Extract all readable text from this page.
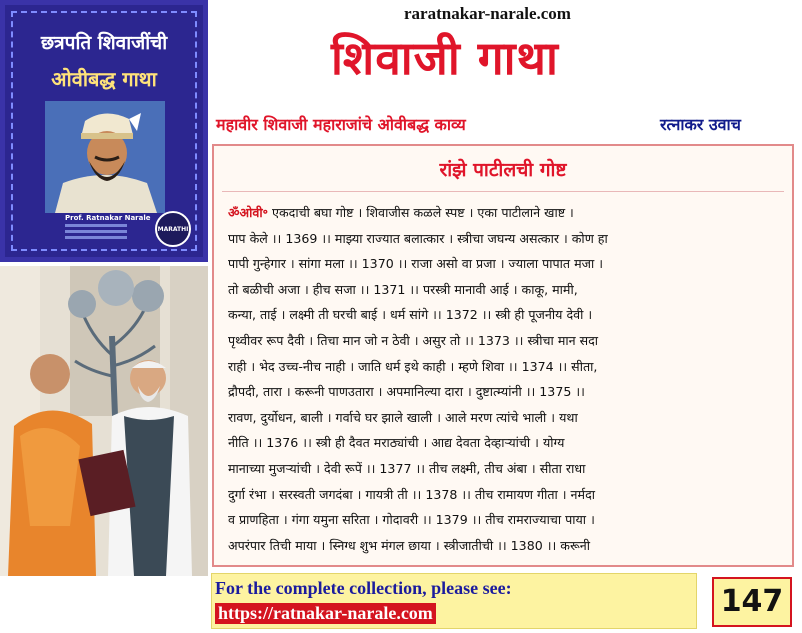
छत्रपति शिवाजींची
ओवीबद्ध गाथा
Prof. Ratnakar Narale
MARATHI
raratnakar-narale.com
शिवाजी गाथा
महावीर शिवाजी महाराजांचे ओवीबद्ध काव्य	रत्नाकर उवाच
रांझे पाटीलची गोष्ट
ॐओवी॰ एकदाची बघा गोष्ट । शिवाजीस कळले स्पष्ट । एका पाटीलाने खाष्ट ।
पाप केले ।। 1369 ।। माझ्या राज्यात बलात्कार । स्त्रीचा जघन्य असत्कार । कोण हा
पापी गुन्हेगार । सांगा मला ।। 1370 ।। राजा असो वा प्रजा । ज्याला पापात मजा ।
तो बळीची अजा । हीच सजा ।। 1371 ।। परस्त्री मानावी आई । काकू, मामी,
कन्या, ताई । लक्ष्मी ती घरची बाई । धर्म सांगे ।। 1372 ।। स्त्री ही पूजनीय देवी ।
पृथ्वीवर रूप दैवी । तिचा मान जो न ठेवी । असुर तो ।। 1373 ।। स्त्रीचा मान सदा
राही । भेद उच्च-नीच नाही । जाति धर्म इथे काही । म्हणे शिवा ।। 1374 ।। सीता,
द्रौपदी, तारा । करूनी पाणउतारा । अपमानिल्या दारा । दुष्टात्म्यांनी ।। 1375 ।।
रावण, दुर्योधन, बाली । गर्वाचे घर झाले खाली । आले मरण त्यांचे भाली । यथा
नीति ।। 1376 ।। स्त्री ही दैवत मराठ्यांची । आद्य देवता देव्हाऱ्यांची । योग्य
मानाच्या मुजऱ्यांची । देवी रूपें ।। 1377 ।। तीच लक्ष्मी, तीच अंबा । सीता राधा
दुर्गा रंभा । सरस्वती जगदंबा । गायत्री ती ।। 1378 ।। तीच रामायण गीता । नर्मदा
व प्राणहिता । गंगा यमुना सरिता । गोदावरी ।। 1379 ।। तीच रामराज्याचा पाया ।
अपरंपार तिची माया । स्निग्ध शुभ मंगल छाया । स्त्रीजातीची ।। 1380 ।। करूनी
For the complete collection, please see:
https://ratnakar-narale.com	147
